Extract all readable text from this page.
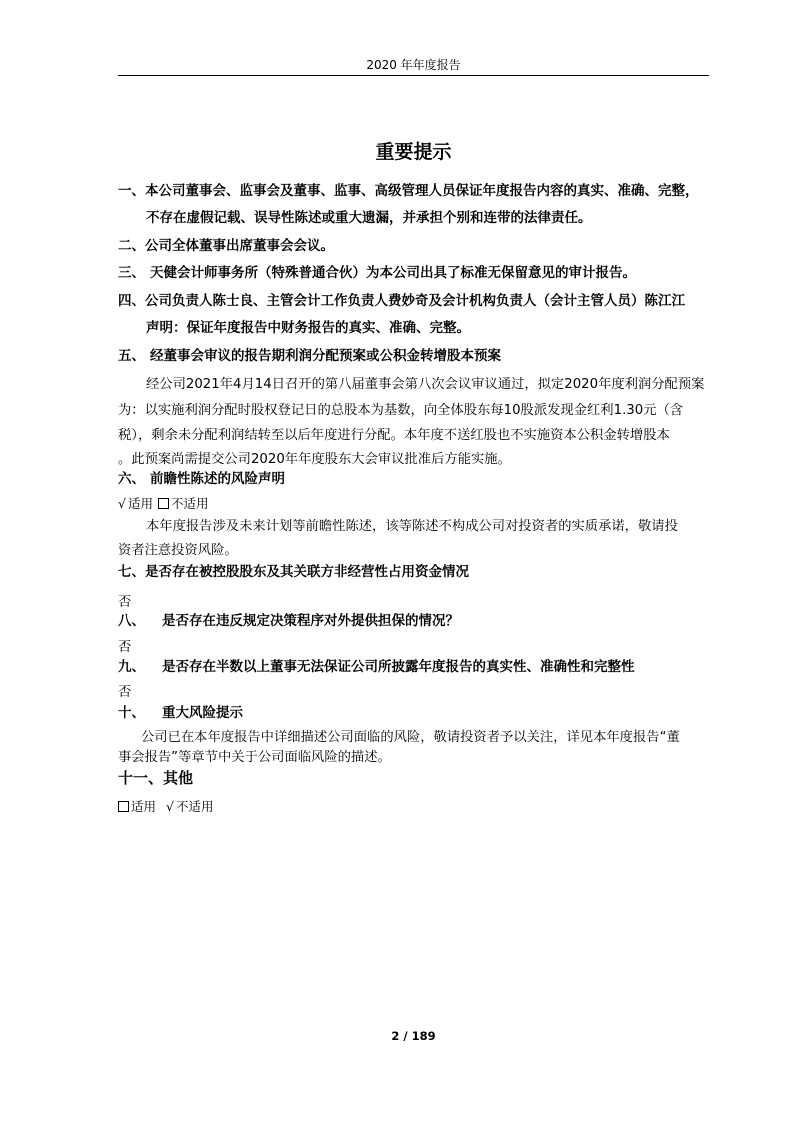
2020 年年度报告
重要提示
一、本公司董事会、监事会及董事、监事、高级管理人员保证年度报告内容的真实、准确、完整，
不存在虚假记载、误导性陈述或重大遗漏，并承担个别和连带的法律责任。
二、公司全体董事出席董事会会议。
三、 天健会计师事务所（特殊普通合伙）为本公司出具了标准无保留意见的审计报告。
四、公司负责人陈士良、主管会计工作负责人费妙奇及会计机构负责人（会计主管人员）陈江江
声明：保证年度报告中财务报告的真实、准确、完整。
五、 经董事会审议的报告期利润分配预案或公积金转增股本预案
经公司2021年4月14日召开的第八届董事会第八次会议审议通过，拟定2020年度利润分配预案
为：以实施利润分配时股权登记日的总股本为基数，向全体股东每10股派发现金红利1.30元（含
税），剩余未分配利润结转至以后年度进行分配。本年度不送红股也不实施资本公积金转增股本
。此预案尚需提交公司2020年年度股东大会审议批准后方能实施。
六、 前瞻性陈述的风险声明
√ 适用 不适用
本年度报告涉及未来计划等前瞻性陈述，该等陈述不构成公司对投资者的实质承诺，敬请投
资者注意投资风险。
七、是否存在被控股股东及其关联方非经营性占用资金情况
否
八、 是否存在违反规定决策程序对外提供担保的情况？
否
九、 是否存在半数以上董事无法保证公司所披露年度报告的真实性、准确性和完整性
否
十、 重大风险提示
公司已在本年度报告中详细描述公司面临的风险，敬请投资者予以关注，详见本年度报告“董
事会报告”等章节中关于公司面临风险的描述。
十一、其他
适用 √ 不适用
2 / 189
